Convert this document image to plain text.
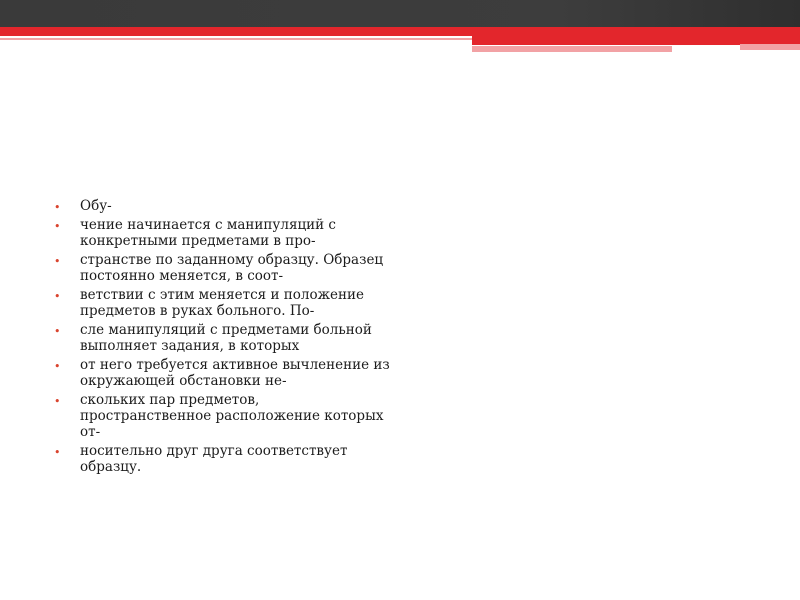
• Обу-
• чение начинается с манипуляций с конкретными предметами в про-
• странстве по заданному образцу. Образец постоянно меняется, в соот-
• ветствии с этим меняется и положение предметов в руках больного. По-
• сле манипуляций с предметами больной выполняет задания, в которых
• от него требуется активное вычленение из окружающей обстановки не-
• скольких пар предметов, пространственное расположение которых от-
• носительно друг друга соответствует образцу.
